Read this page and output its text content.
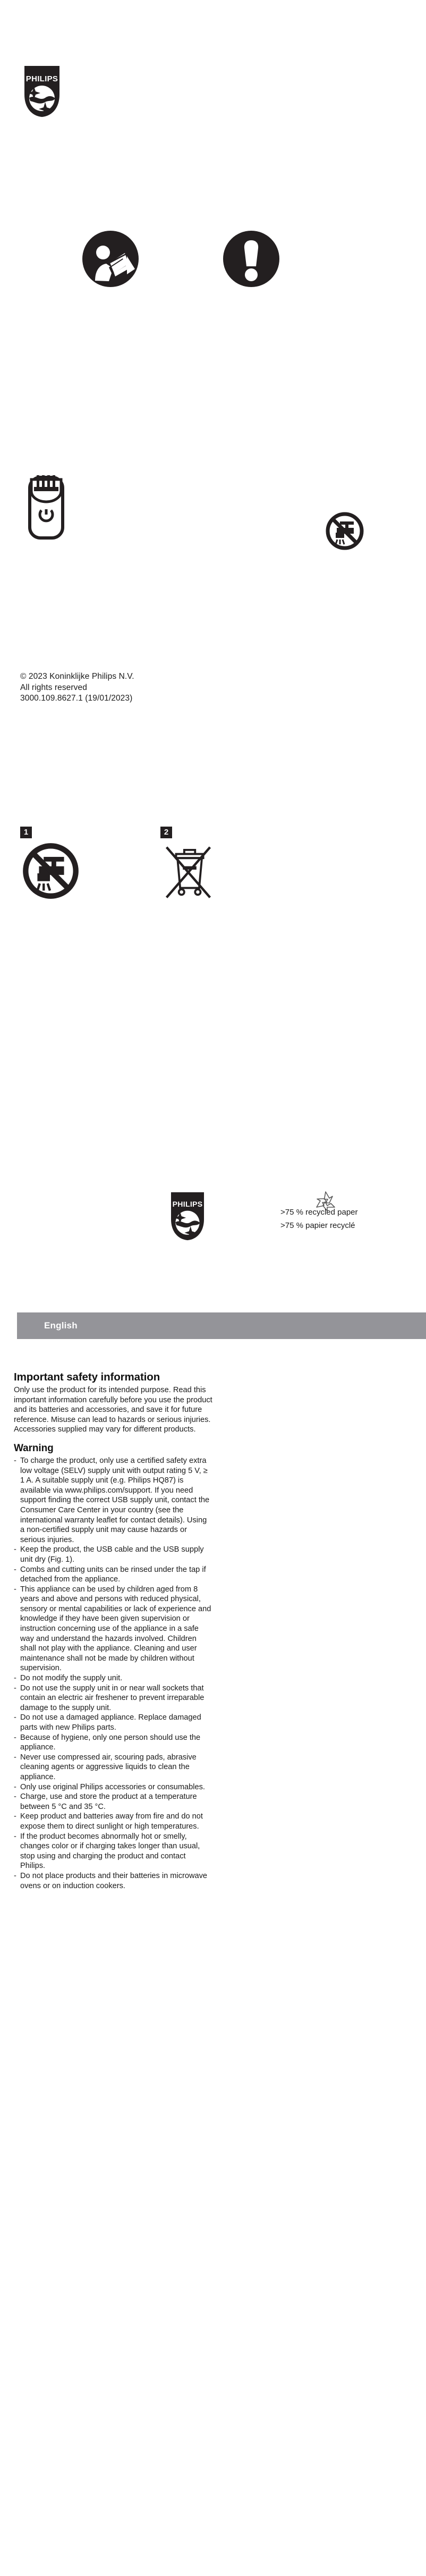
PHILIPS
© 2023 Koninklijke Philips N.V.
All rights reserved
3000.109.8627.1 (19/01/2023)
1	2
PHILIPS
>75 % recycled paper
>75 % papier recyclé
English
Important safety information

Only use the product for its intended purpose. Read this important information carefully before you use the product and its batteries and accessories, and save it for future reference. Misuse can lead to hazards or serious injuries. Accessories supplied may vary for different products.

Warning
- To charge the product, only use a certified safety extra low voltage (SELV) supply unit with output rating 5 V, ≥ 1 A. A suitable supply unit (e.g. Philips HQ87) is available via www.philips.com/support. If you need support finding the correct USB supply unit, contact the Consumer Care Center in your country (see the international warranty leaflet for contact details). Using a non-certified supply unit may cause hazards or serious injuries.
- Keep the product, the USB cable and the USB supply unit dry (Fig. 1).
- Combs and cutting units can be rinsed under the tap if detached from the appliance.
- This appliance can be used by children aged from 8 years and above and persons with reduced physical, sensory or mental capabilities or lack of experience and knowledge if they have been given supervision or instruction concerning use of the appliance in a safe way and understand the hazards involved. Children shall not play with the appliance. Cleaning and user maintenance shall not be made by children without supervision.
- Do not modify the supply unit.
- Do not use the supply unit in or near wall sockets that contain an electric air freshener to prevent irreparable damage to the supply unit.
- Do not use a damaged appliance. Replace damaged parts with new Philips parts.
- Because of hygiene, only one person should use the appliance.
- Never use compressed air, scouring pads, abrasive cleaning agents or aggressive liquids to clean the appliance.
- Only use original Philips accessories or consumables.
- Charge, use and store the product at a temperature between 5 °C and 35 °C.
- Keep product and batteries away from fire and do not expose them to direct sunlight or high temperatures.
- If the product becomes abnormally hot or smelly, changes color or if charging takes longer than usual, stop using and charging the product and contact Philips.
- Do not place products and their batteries in microwave ovens or on induction cookers.
